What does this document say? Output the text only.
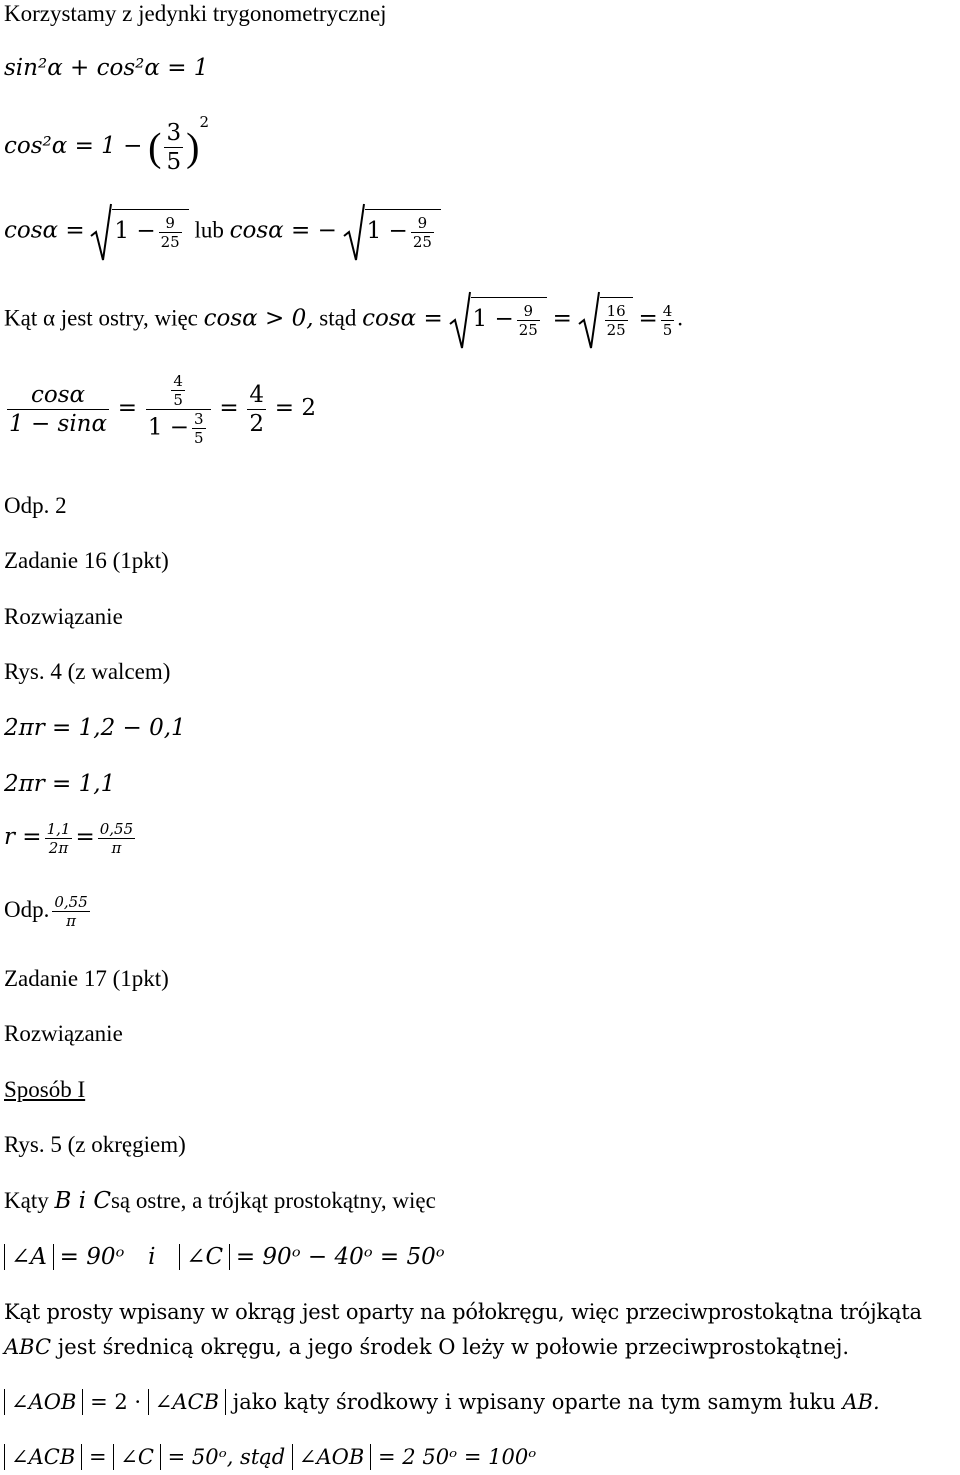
Korzystamy z jedynki trygonometrycznej
sin²α + cos²α = 1
cos²α = 1 − ( $\frac{3}{5} )^2$
$\cos\alpha = 1 - \frac{9}{25}$ lub cosα = − $1 - \frac{9}{25}$
Kąt α jest ostry, więc cosα > 0, stąd $\cos\alpha = 1 - \frac{9}{25} = \frac{16}{25} = \frac{4}{5}$ .
$\frac{\cos\alpha}{1 - \sin\alpha} = \frac{\frac{4}{5}}{1 - \frac{3}{5}} = \frac{4}{2} = 2$
Odp. 2
Zadanie 16 (1pkt)
Rozwiązanie
Rys. 4 (z walcem)
2πr = 1,2 − 0,1
2πr = 1,1
$r = \frac{1,1}{2\pi} = \frac{0,55}{\pi}$
Odp. $\frac{0,55}{\pi}$
Zadanie 17 (1pkt)
Rozwiązanie
Sposób I
Rys. 5 (z okręgiem)
Kąty B i Csą ostre, a trójkąt prostokątny, więc
∠A = 90ᵒ i ∠C = 90ᵒ − 40ᵒ = 50ᵒ
Kąt prosty wpisany w okrąg jest oparty na półokręgu, więc przeciwprostokątna trójkąta
ABC jest średnicą okręgu, a jego środek O leży w połowie przeciwprostokątnej.
∠AOB = 2 · ∠ACB jako kąty środkowy i wpisany oparte na tym samym łuku AB.
∠ACB = ∠C = 50ᵒ, stąd ∠AOB = 2 50ᵒ = 100ᵒ
